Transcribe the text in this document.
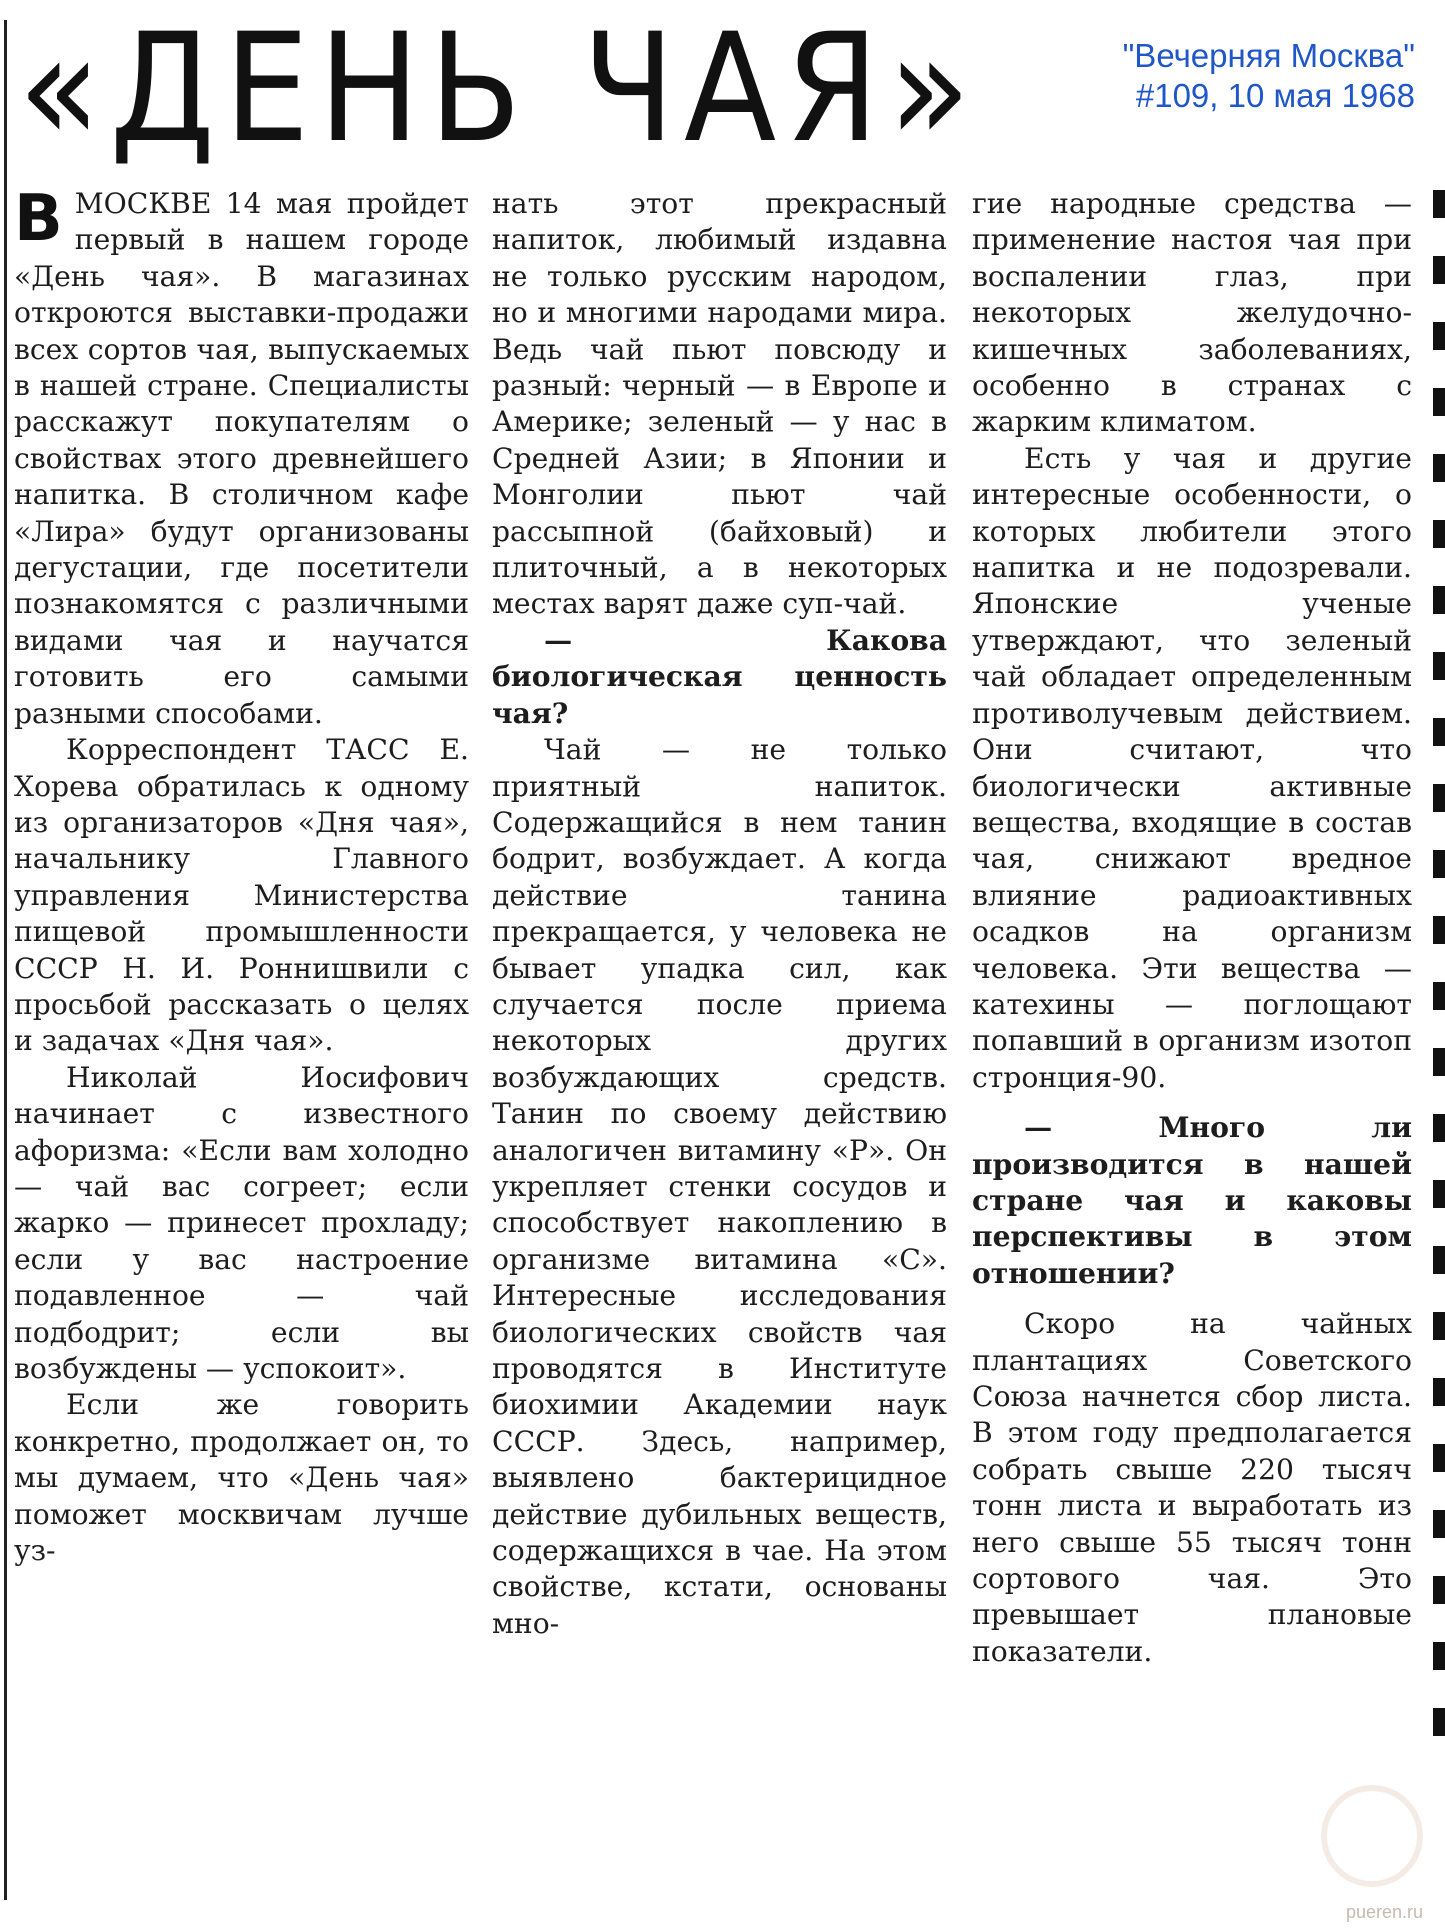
«ДЕНЬ ЧАЯ»	"Вечерняя Москва"
#109, 10 мая 1968

ВМОСКВЕ 14 мая пройдет первый в нашем городе «День чая». В магазинах откроются выставки-продажи всех сортов чая, выпускаемых в нашей стране. Специалисты расскажут покупателям о свойствах этого древнейшего напитка. В столичном кафе «Лира» будут организованы дегустации, где посетители познакомятся с различными видами чая и научатся готовить его самыми разными способами.

Корреспондент ТАСС Е. Хорева обратилась к одному из организаторов «Дня чая», начальнику Главного управления Министерства пищевой промышленности СССР Н. И. Роннишвили с просьбой рассказать о целях и задачах «Дня чая».

Николай Иосифович начинает с известного афоризма: «Если вам холодно — чай вас согреет; если жарко — принесет прохладу; если у вас настроение подавленное — чай подбодрит; если вы возбуждены — успокоит».

Если же говорить конкретно, продолжает он, то мы думаем, что «День чая» поможет москвичам лучше уз-

нать этот прекрасный напиток, любимый издавна не только русским народом, но и многими народами мира. Ведь чай пьют повсюду и разный: черный — в Европе и Америке; зеленый — у нас в Средней Азии; в Японии и Монголии пьют чай рассыпной (байховый) и плиточный, а в некоторых местах варят даже суп-чай.

— Какова биологическая ценность чая?

Чай — не только приятный напиток. Содержащийся в нем танин бодрит, возбуждает. А когда действие танина прекращается, у человека не бывает упадка сил, как случается после приема некоторых других возбуждающих средств. Танин по своему действию аналогичен витамину «Р». Он укрепляет стенки сосудов и способствует накоплению в организме витамина «С». Интересные исследования биологических свойств чая проводятся в Институте биохимии Академии наук СССР. Здесь, например, выявлено бактерицидное действие дубильных веществ, содержащихся в чае. На этом свойстве, кстати, основаны мно-

гие народные средства — применение настоя чая при воспалении глаз, при некоторых желудочно-кишечных заболеваниях, особенно в странах с жарким климатом.

Есть у чая и другие интересные особенности, о которых любители этого напитка и не подозревали. Японские ученые утверждают, что зеленый чай обладает определенным противолучевым действием. Они считают, что биологически активные вещества, входящие в состав чая, снижают вредное влияние радиоактивных осадков на организм человека. Эти вещества — катехины — поглощают попавший в организм изотоп стронция-90.

— Много ли производится в нашей стране чая и каковы перспективы в этом отношении?

Скоро на чайных плантациях Советского Союза начнется сбор листа. В этом году предполагается собрать свыше 220 тысяч тонн листа и выработать из него свыше 55 тысяч тонн сортового чая. Это превышает плановые показатели.

pueren.ru
